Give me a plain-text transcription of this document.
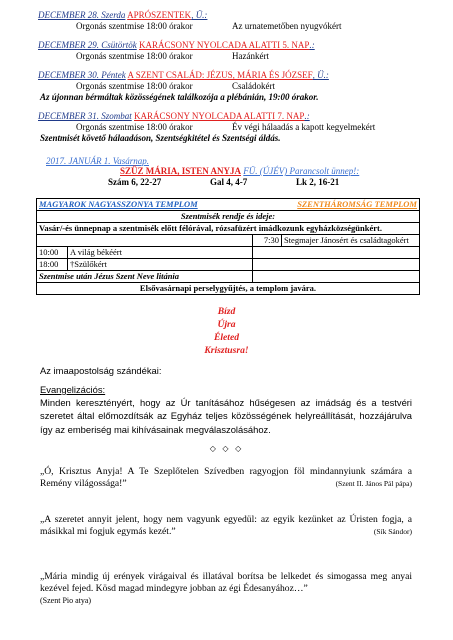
DECEMBER 28. Szerda APRÓSZENTEK, Ü.:
Orgonás szentmise 18:00 órakor	Az urnatemetőben nyugvókért
DECEMBER 29. Csütörtök KARÁCSONY NYOLCADA ALATTI 5. NAP.:
Orgonás szentmise 18:00 órakor	Hazánkért
DECEMBER 30. Péntek A SZENT CSALÁD: JÉZUS, MÁRIA ÉS JÓZSEF, Ü.:
Orgonás szentmise 18:00 órakor	Családokért
Az újonnan bérmáltak közösségének találkozója a plébánián, 19:00 órakor.
DECEMBER 31. Szombat KARÁCSONY NYOLCADA ALATTI 7. NAP.:
Orgonás szentmise 18:00 órakor	Év végi hálaadás a kapott kegyelmekért
Szentmisét követő hálaadáson, Szentségkitétel és Szentségi áldás.
2017. JANUÁR 1. Vasárnap.
SZŰZ MÁRIA, ISTEN ANYJA FÜ. (ÚJÉV) Parancsolt ünnep!:
Szám 6, 22-27	Gal 4, 4-7	Lk 2, 16-21
MAGYAROK NAGYASSZONYA TEMPLOM		SZENTHÁROMSÁG TEMPLOM	
Szentmisék rendje és ideje:			
Vasár/-és ünnepnap a szentmisék előtt félórával, rózsafüzért imádkozunk egyházközségünkért.			
		7:30	Stegmajer Jánosért és családtagokért
10:00	A világ békéért		
18:00	†Szülőkért		
Szentmise után Jézus Szent Neve litánia			
Elsővasárnapi perselygyűjtés, a templom javára.			
Bízd
Újra
Életed
Krisztusra!
Az imaapostolság szándékai:
Evangelizációs:
Minden keresztényért, hogy az Úr tanításához hűségesen az imádság és a testvéri szeretet által előmozdítsák az Egyház teljes közösségének helyreállítását, hozzájárulva így az emberiség mai kihívásainak megválaszolásához.
◇ ◇ ◇
„Ó, Krisztus Anyja! A Te Szeplőtelen Szívedben ragyogjon föl mindannyiunk számára a Remény világossága!”	(Szent II. János Pál pápa)
„A szeretet annyit jelent, hogy nem vagyunk egyedül: az egyik kezünket az Úristen fogja, a másikkal mi fogjuk egymás kezét.”	(Sík Sándor)
„Mária mindig új erények virágaival és illatával borítsa be lelkedet és simogassa meg anyai kezével fejed. Kösd magad mindegyre jobban az égi Édesanyához…”
(Szent Pio atya)
